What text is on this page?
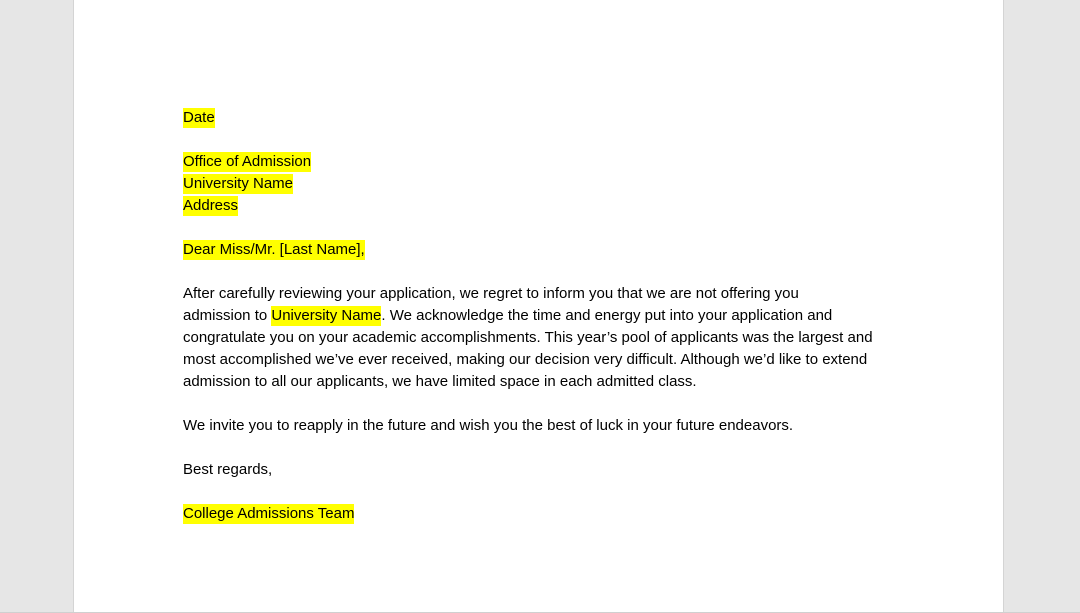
Date
Office of Admission
University Name
Address
Dear Miss/Mr. [Last Name],
After carefully reviewing your application, we regret to inform you that we are not offering you
admission to University Name. We acknowledge the time and energy put into your application and
congratulate you on your academic accomplishments. This year’s pool of applicants was the largest and
most accomplished we’ve ever received, making our decision very difficult. Although we’d like to extend
admission to all our applicants, we have limited space in each admitted class.
We invite you to reapply in the future and wish you the best of luck in your future endeavors.
Best regards,
College Admissions Team
